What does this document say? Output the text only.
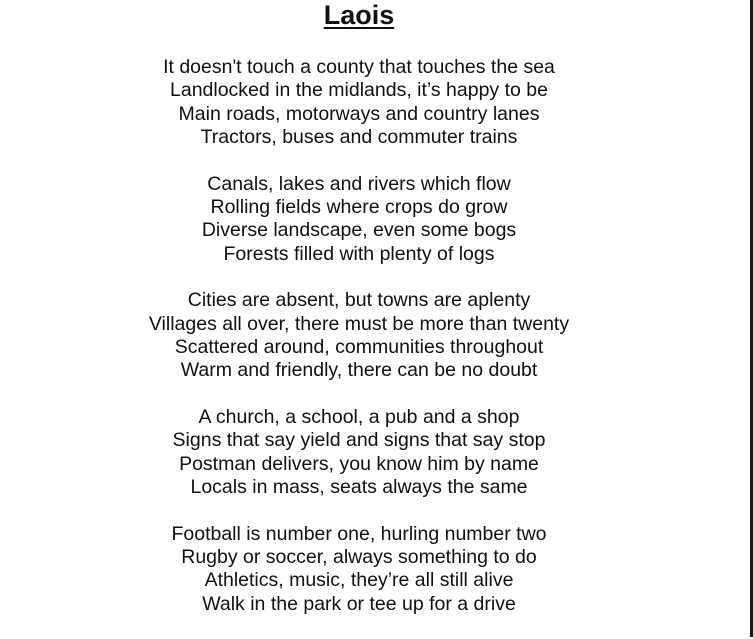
Laois
It doesn't touch a county that touches the sea
Landlocked in the midlands, it’s happy to be
Main roads, motorways and country lanes
Tractors, buses and commuter trains
Canals, lakes and rivers which flow
Rolling fields where crops do grow
Diverse landscape, even some bogs
Forests filled with plenty of logs
Cities are absent, but towns are aplenty
Villages all over, there must be more than twenty
Scattered around, communities throughout
Warm and friendly, there can be no doubt
A church, a school, a pub and a shop
Signs that say yield and signs that say stop
Postman delivers, you know him by name
Locals in mass, seats always the same
Football is number one, hurling number two
Rugby or soccer, always something to do
Athletics, music, they’re all still alive
Walk in the park or tee up for a drive
